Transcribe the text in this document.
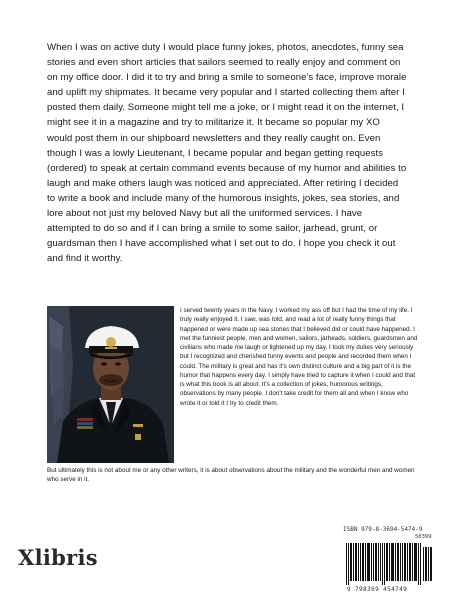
When I was on active duty I would place funny jokes, photos, anecdotes, funny sea stories and even short articles that sailors seemed to really enjoy and comment on on my office door. I did it to try and bring a smile to someone's face, improve morale and uplift my shipmates. It became very popular and I started collecting them after I posted them daily. Someone might tell me a joke, or I might read it on the internet, I might see it in a magazine and try to militarize it. It became so popular my XO would post them in our shipboard newsletters and they really caught on. Even though I was a lowly Lieutenant, I became popular and began getting requests (ordered) to speak at certain command events because of my humor and abilities to laugh and make others laugh was noticed and appreciated. After retiring I decided to write a book and include many of the humorous insights, jokes, sea stories, and lore about not just my beloved Navy but all the uniformed services. I have attempted to do so and if I can bring a smile to some sailor, jarhead, grunt, or guardsman then I have accomplished what I set out to do. I hope you check it out and find it worthy.
I served twenty years in the Navy. I worked my ass off but I had the time of my life. I truly really enjoyed it. I saw, was told, and read a lot of really funny things that happened or were made up sea stories that I believed did or could have happened. I met the funniest people, men and women, sailors, jarheads, soldiers, guardsmen and civilians who made me laugh or lightened up my day. I took my duties very seriously but I recognized and cherished funny events and people and recorded them when I could. The military is great and has it's own distinct culture and a big part of it is the humor that happens every day. I simply have tried to capture it when I could and that is what this book is all about. It's a collection of jokes, humorous writings, observations by many people. I don't take credit for them all and when I know who wrote it or told it I try to credit them.
But ultimately this is not about me or any other writers, it is about observations about the military and the wonderful men and women who serve in it.
Xlibris
ISBN 979-8-3694-5474-9
50399
9 798369 454749
